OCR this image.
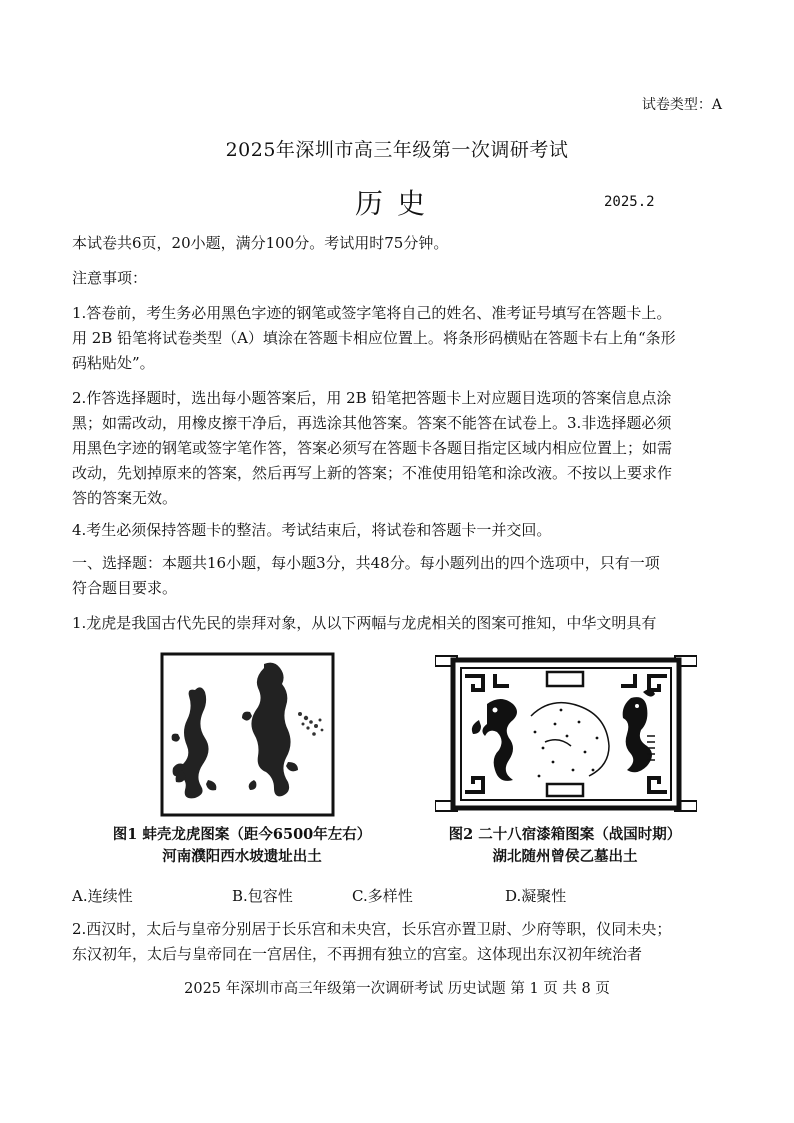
试卷类型：A
2025年深圳市高三年级第一次调研考试
历史	2025.2
本试卷共6页，20小题，满分100分。考试用时75分钟。
注意事项：
1.答卷前，考生务必用黑色字迹的钢笔或签字笔将自己的姓名、准考证号填写在答题卡上。
用 2B 铅笔将试卷类型（A）填涂在答题卡相应位置上。将条形码横贴在答题卡右上角“条形
码粘贴处”。
2.作答选择题时，选出每小题答案后，用 2B 铅笔把答题卡上对应题目选项的答案信息点涂
黑；如需改动，用橡皮擦干净后，再选涂其他答案。答案不能答在试卷上。3.非选择题必须
用黑色字迹的钢笔或签字笔作答，答案必须写在答题卡各题目指定区域内相应位置上；如需
改动，先划掉原来的答案，然后再写上新的答案；不准使用铅笔和涂改液。不按以上要求作
答的答案无效。
4.考生必须保持答题卡的整洁。考试结束后，将试卷和答题卡一并交回。
一、选择题：本题共16小题，每小题3分，共48分。每小题列出的四个选项中，只有一项
符合题目要求。
1.龙虎是我国古代先民的崇拜对象，从以下两幅与龙虎相关的图案可推知，中华文明具有
图1 蚌壳龙虎图案（距今6500年左右）
河南濮阳西水坡遗址出土
图2 二十八宿漆箱图案（战国时期）
湖北随州曾侯乙墓出土
A.连续性	B.包容性	C.多样性	D.凝聚性
2.西汉时，太后与皇帝分别居于长乐宫和未央宫，长乐宫亦置卫尉、少府等职，仪同未央；
东汉初年，太后与皇帝同在一宫居住，不再拥有独立的宫室。这体现出东汉初年统治者
2025 年深圳市高三年级第一次调研考试 历史试题 第 1 页 共 8 页
